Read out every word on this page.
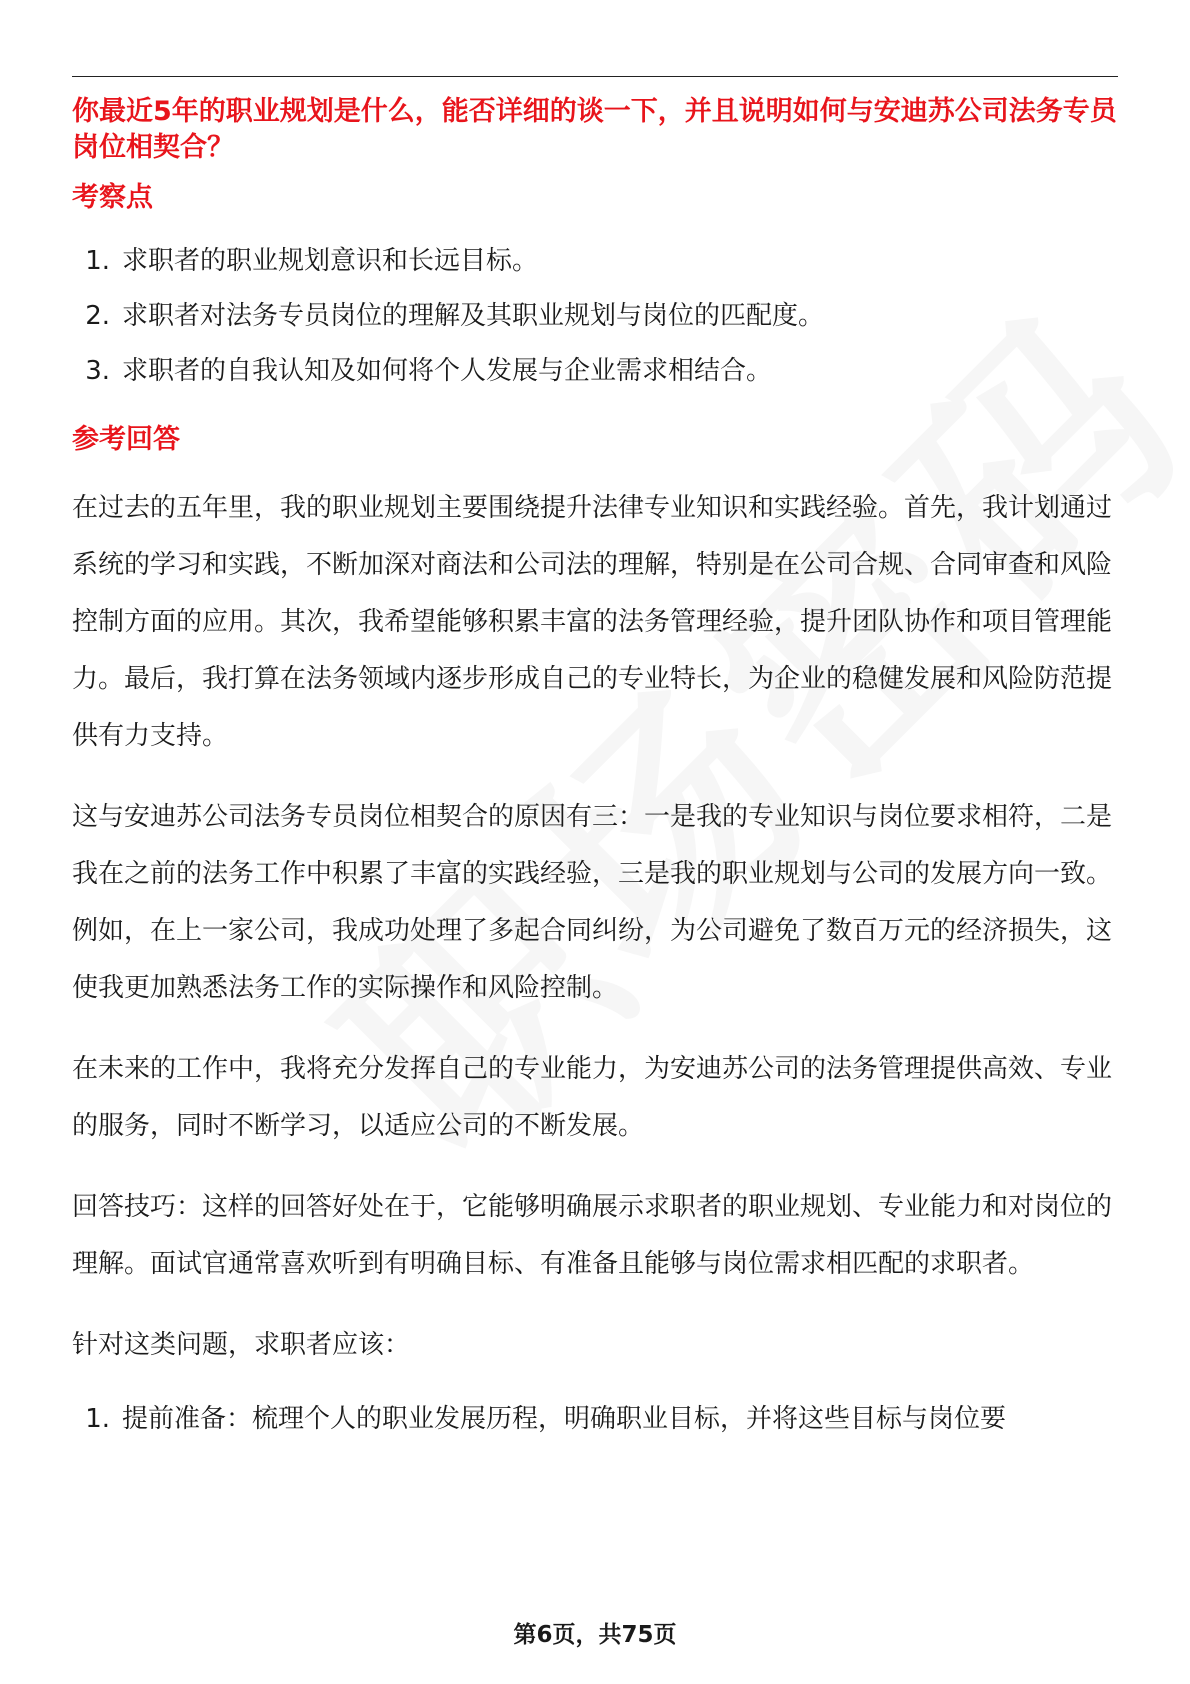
你最近5年的职业规划是什么，能否详细的谈一下，并且说明如何与安迪苏公司法务专员岗位相契合？

考察点

1. 求职者的职业规划意识和长远目标。
2. 求职者对法务专员岗位的理解及其职业规划与岗位的匹配度。
3. 求职者的自我认知及如何将个人发展与企业需求相结合。

参考回答

在过去的五年里，我的职业规划主要围绕提升法律专业知识和实践经验。首先，我计划通过系统的学习和实践，不断加深对商法和公司法的理解，特别是在公司合规、合同审查和风险控制方面的应用。其次，我希望能够积累丰富的法务管理经验，提升团队协作和项目管理能力。最后，我打算在法务领域内逐步形成自己的专业特长，为企业的稳健发展和风险防范提供有力支持。

这与安迪苏公司法务专员岗位相契合的原因有三：一是我的专业知识与岗位要求相符，二是我在之前的法务工作中积累了丰富的实践经验，三是我的职业规划与公司的发展方向一致。例如，在上一家公司，我成功处理了多起合同纠纷，为公司避免了数百万元的经济损失，这使我更加熟悉法务工作的实际操作和风险控制。

在未来的工作中，我将充分发挥自己的专业能力，为安迪苏公司的法务管理提供高效、专业的服务，同时不断学习，以适应公司的不断发展。

回答技巧：这样的回答好处在于，它能够明确展示求职者的职业规划、专业能力和对岗位的理解。面试官通常喜欢听到有明确目标、有准备且能够与岗位需求相匹配的求职者。

针对这类问题，求职者应该：

1. 提前准备：梳理个人的职业发展历程，明确职业目标，并将这些目标与岗位要
第6页，共75页
